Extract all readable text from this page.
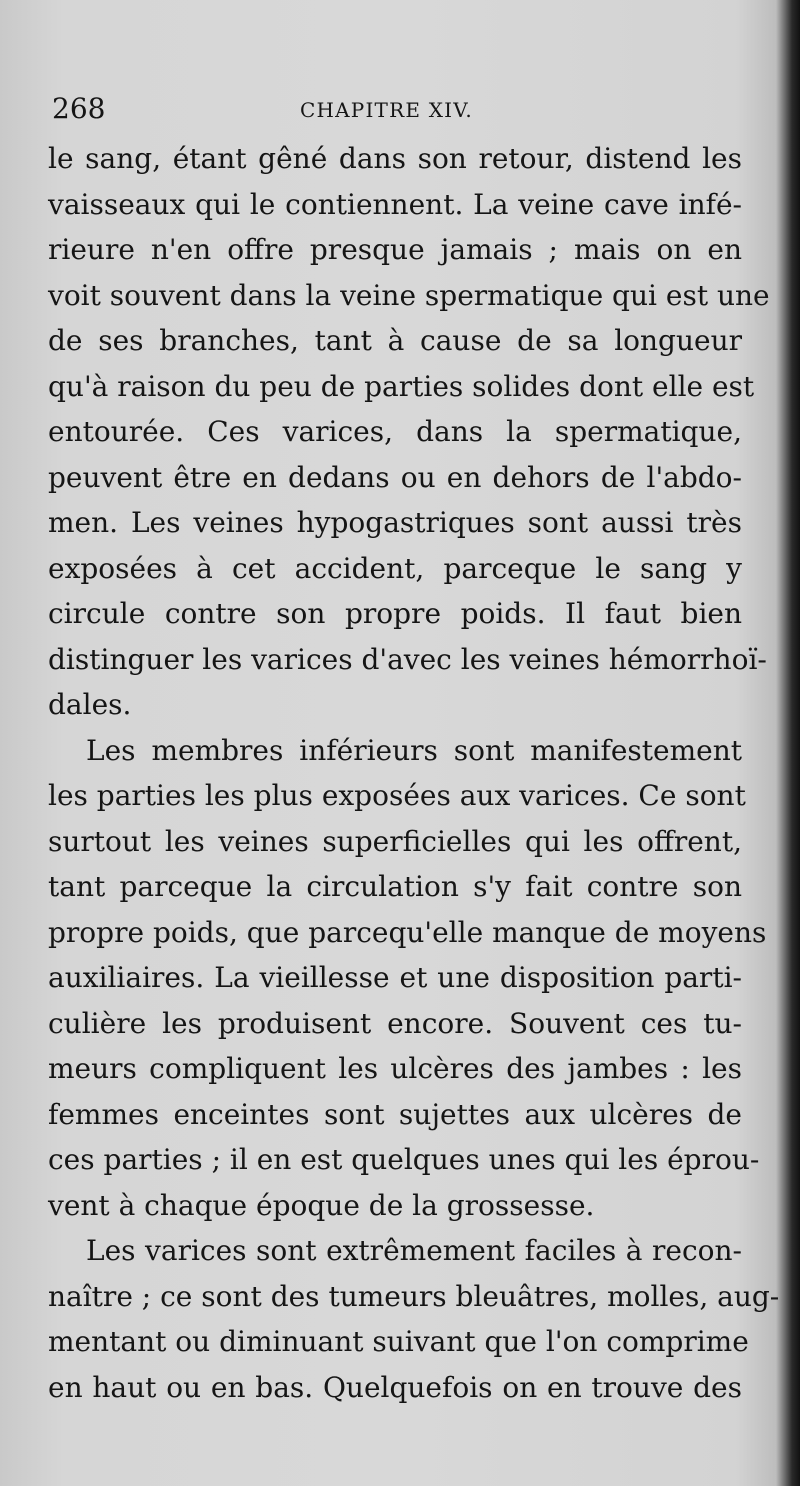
268	CHAPITRE XIV.
le sang, étant gêné dans son retour, distend les
vaisseaux qui le contiennent. La veine cave infé-
rieure n'en offre presque jamais ; mais on en
voit souvent dans la veine spermatique qui est une
de ses branches, tant à cause de sa longueur
qu'à raison du peu de parties solides dont elle est
entourée. Ces varices, dans la spermatique,
peuvent être en dedans ou en dehors de l'abdo-
men. Les veines hypogastriques sont aussi très
exposées à cet accident, parceque le sang y
circule contre son propre poids. Il faut bien
distinguer les varices d'avec les veines hémorrhoï-
dales.
Les membres inférieurs sont manifestement
les parties les plus exposées aux varices. Ce sont
surtout les veines superficielles qui les offrent,
tant parceque la circulation s'y fait contre son
propre poids, que parcequ'elle manque de moyens
auxiliaires. La vieillesse et une disposition parti-
culière les produisent encore. Souvent ces tu-
meurs compliquent les ulcères des jambes : les
femmes enceintes sont sujettes aux ulcères de
ces parties ; il en est quelques unes qui les éprou-
vent à chaque époque de la grossesse.
Les varices sont extrêmement faciles à recon-
naître ; ce sont des tumeurs bleuâtres, molles, aug-
mentant ou diminuant suivant que l'on comprime
en haut ou en bas. Quelquefois on en trouve des
